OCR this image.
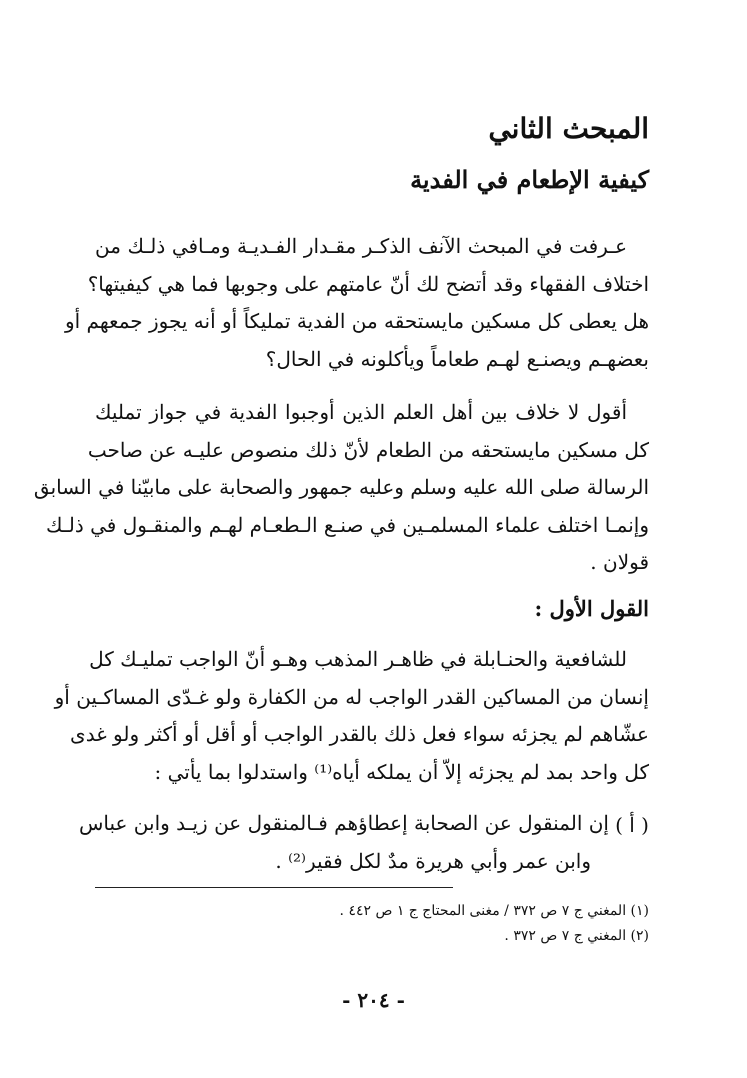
المبحث الثاني
كيفية الإطعام في الفدية
عـرفت في المبحث الآنف الذكـر مقـدار الفـديـة ومـافي ذلـك من
اختلاف الفقهاء وقد أتضح لك أنّ عامتهم على وجوبها فما هي كيفيتها؟
هل يعطى كل مسكين مايستحقه من الفدية تمليكاً أو أنه يجوز جمعهم أو
بعضهـم ويصنـع لهـم طعاماً ويأكلونه في الحال؟
أقول لا خلاف بين أهل العلم الذين أوجبوا الفدية في جواز تمليك
كل مسكين مايستحقه من الطعام لأنّ ذلك منصوص عليـه عن صاحب
الرسالة صلى الله عليه وسلم وعليه جمهور والصحابة على مابيّنا في السابق
وإنمـا اختلف علماء المسلمـين في صنـع الـطعـام لهـم والمنقـول في ذلـك
قولان .
القول الأول :
للشافعية والحنـابلة في ظاهـر المذهب وهـو أنّ الواجب تمليـك كل
إنسان من المساكين القدر الواجب له من الكفارة ولو غـدّى المساكـين أو
عشّاهم لم يجزئه سواء فعل ذلك بالقدر الواجب أو أقل أو أكثر ولو غدى
كل واحد بمد لم يجزئه إلاّ أن يملكه أياه⁽¹⁾ واستدلوا بما يأتي :
( أ )
إن المنقول عن الصحابة إعطاؤهم فـالمنقول عن زيـد وابن عباس
وابن عمر وأبي هريرة مدٌ لكل فقير⁽²⁾ .
(١) المغني ج ٧ ص ٣٧٢ / مغنى المحتاج ج ١ ص ٤٤٢ .
(٢) المغني ج ٧ ص ٣٧٢ .
- ٢٠٤ -
